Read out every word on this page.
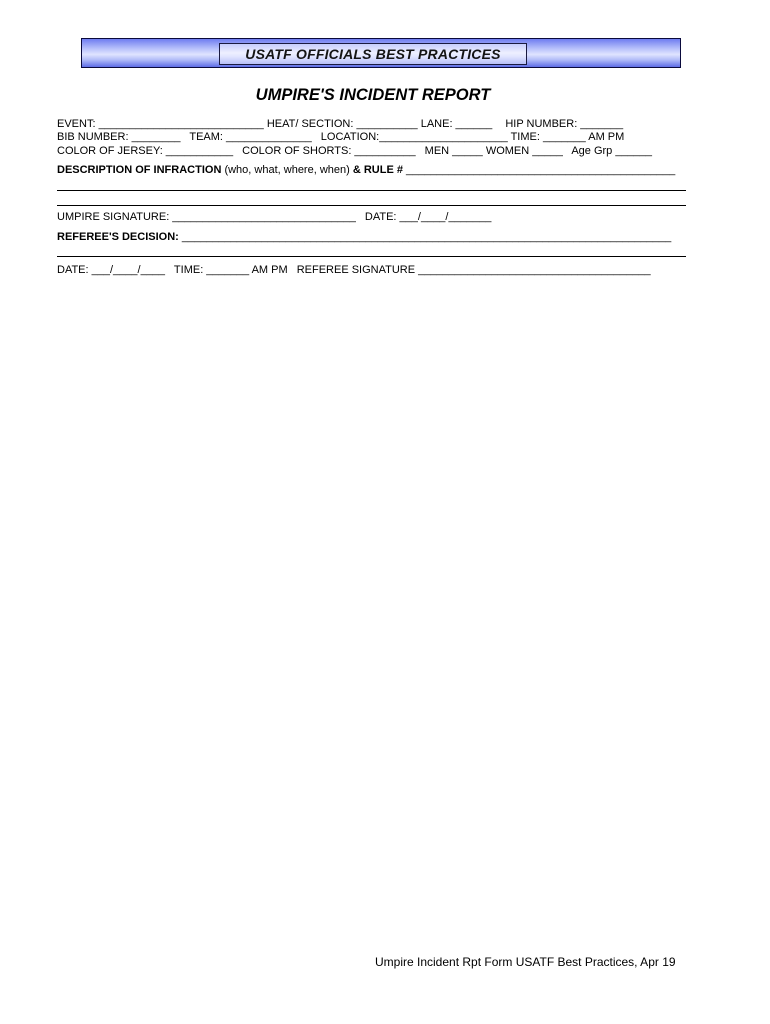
USATF OFFICIALS BEST PRACTICES
UMPIRE'S INCIDENT REPORT
EVENT: ___________________________ HEAT/ SECTION: __________ LANE: ______ HIP NUMBER: _______
BIB NUMBER: ________ TEAM: ______________ LOCATION:_____________________ TIME: _______ AM PM
COLOR OF JERSEY: ___________ COLOR OF SHORTS: __________ MEN _____ WOMEN _____ Age Grp ______
DESCRIPTION OF INFRACTION (who, what, where, when) & RULE # ____________________________________________
UMPIRE SIGNATURE: ______________________________ DATE: ___/____/_______
REFEREE'S DECISION: ________________________________________________________________________________
DATE: ___/____/____ TIME: _______ AM PM REFEREE SIGNATURE ______________________________________
Umpire Incident Rpt Form USATF Best Practices, Apr 19
